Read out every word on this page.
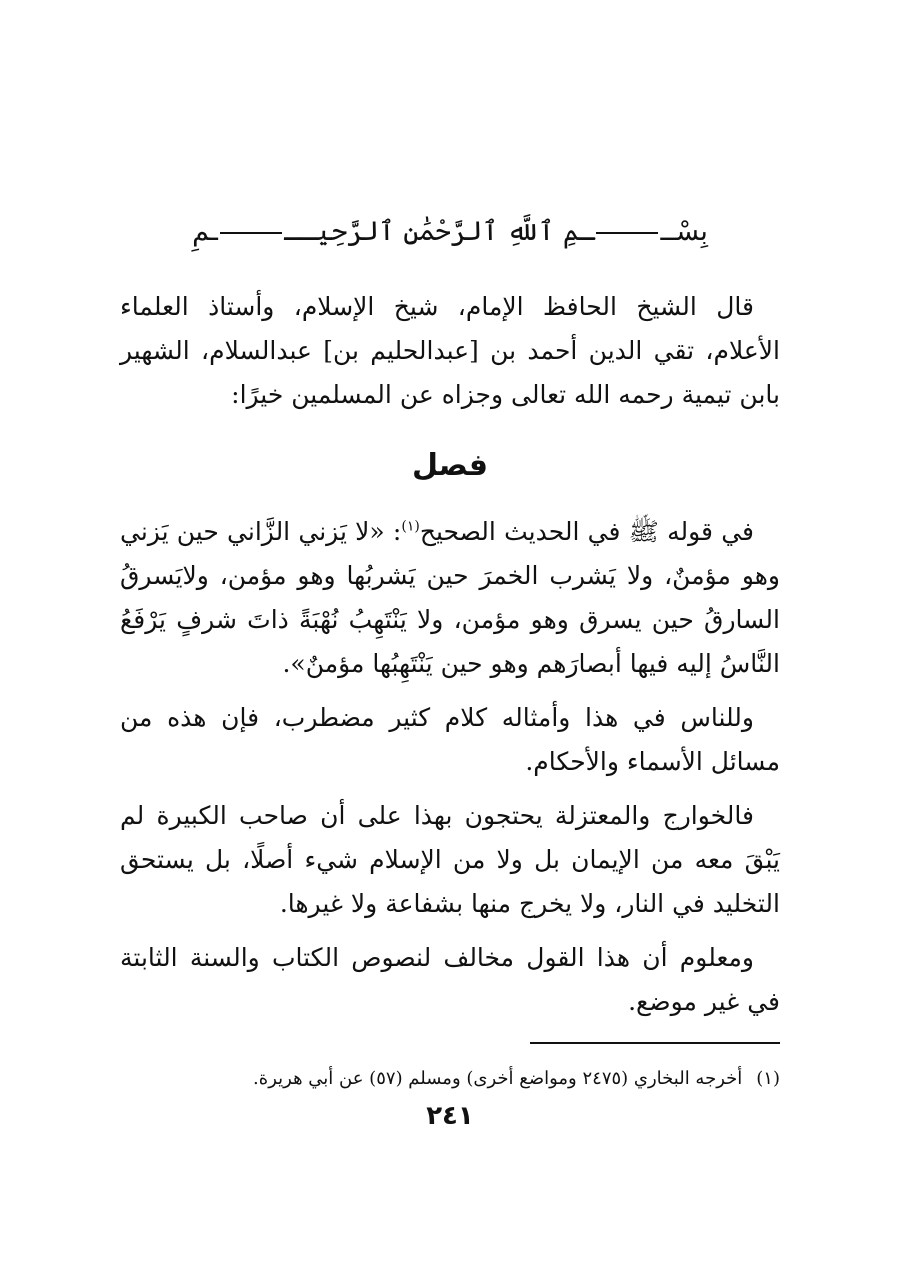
بِسْـــمِ ٱللَّهِ ٱلرَّحْمَٰنِ ٱلرَّحِيـــمِ

قال الشيخ الحافظ الإمام، شيخ الإسلام، وأستاذ العلماء الأعلام، تقي الدين أحمد بن [عبدالحليم بن] عبدالسلام، الشهير بابن تيمية رحمه الله تعالى وجزاه عن المسلمين خيرًا:

فصل

في قوله ﷺ في الحديث الصحيح$^{(١)}$: «لا يَزني الزَّاني حين يَزني وهو مؤمنٌ، ولا يَشرب الخمرَ حين يَشربُها وهو مؤمن، ولايَسرقُ السارقُ حين يسرق وهو مؤمن، ولا يَنْتَهِبُ نُهْبَةً ذاتَ شرفٍ يَرْفَعُ النَّاسُ إليه فيها أبصارَهم وهو حين يَنْتَهِبُها مؤمنٌ».

وللناس في هذا وأمثاله كلام كثير مضطرب، فإن هذه من مسائل الأسماء والأحكام.

فالخوارج والمعتزلة يحتجون بهذا على أن صاحب الكبيرة لم يَبْقَ معه من الإيمان بل ولا من الإسلام شيء أصلًا، بل يستحق التخليد في النار، ولا يخرج منها بشفاعة ولا غيرها.

ومعلوم أن هذا القول مخالف لنصوص الكتاب والسنة الثابتة في غير موضع.

(١)أخرجه البخاري (٢٤٧٥ ومواضع أخرى) ومسلم (٥٧) عن أبي هريرة.
٢٤١
